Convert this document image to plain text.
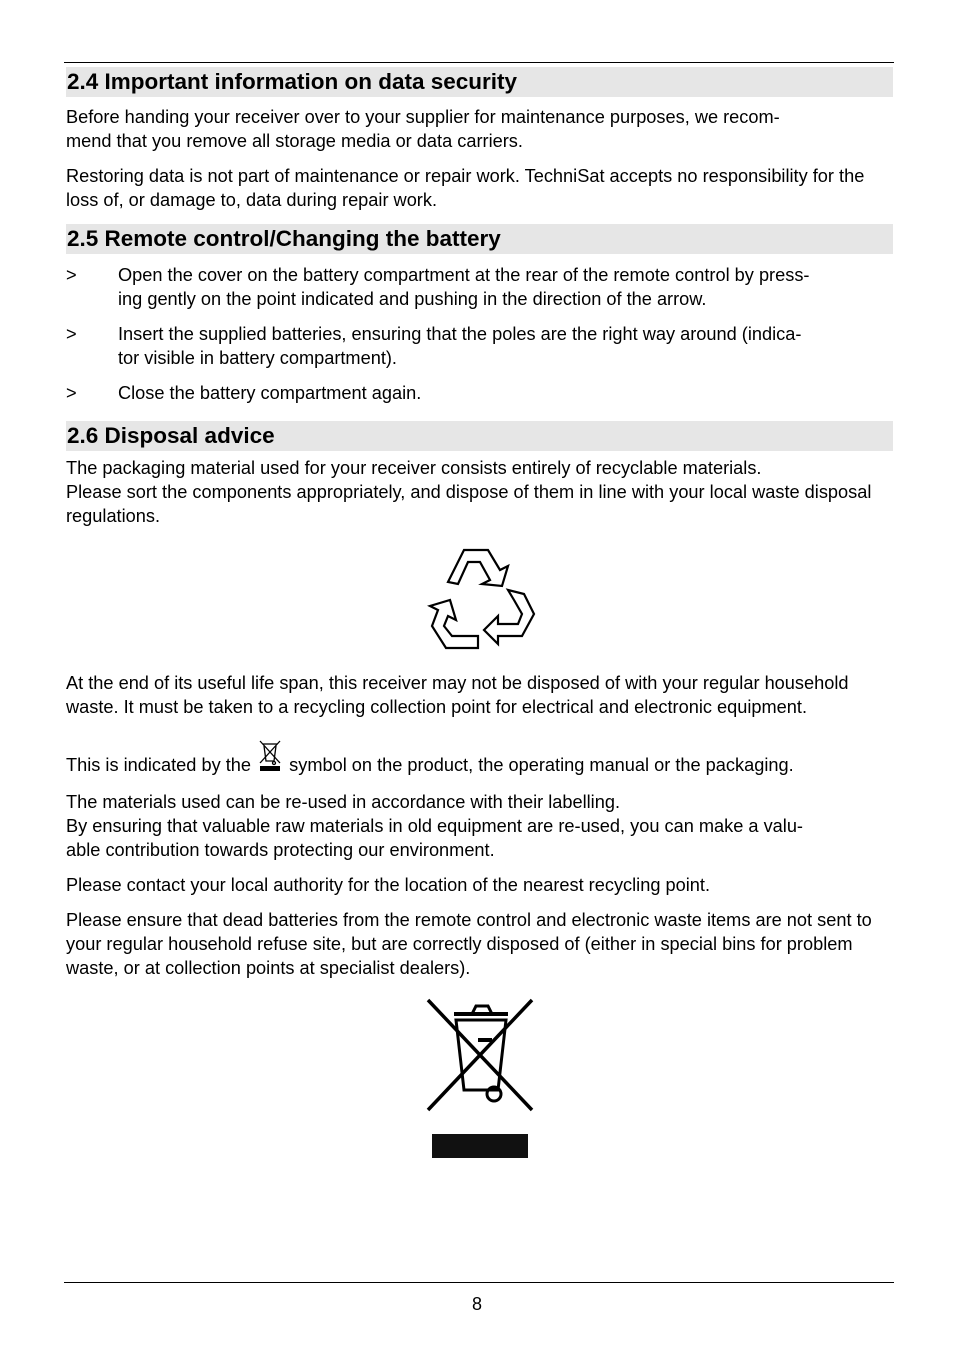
2.4 Important information on data security

Before handing your receiver over to your supplier for maintenance purposes, we recom-
mend that you remove all storage media or data carriers.

Restoring data is not part of maintenance or repair work. TechniSat accepts no responsibility for the loss of, or damage to, data during repair work.

2.5 Remote control/Changing the battery
>	Open the cover on the battery compartment at the rear of the remote control by press-
ing gently on the point indicated and pushing in the direction of the arrow.
>	Insert the supplied batteries, ensuring that the poles are the right way around (indica-
tor visible in battery compartment).
>	Close the battery compartment again.
2.6 Disposal advice

The packaging material used for your receiver consists entirely of recyclable materials.
Please sort the components appropriately, and dispose of them in line with your local waste disposal regulations.

At the end of its useful life span, this receiver may not be disposed of with your regular household waste. It must be taken to a recycling collection point for electrical and electronic equipment.

This is indicated by the symbol on the product, the operating manual or the packaging.

The materials used can be re-used in accordance with their labelling.
By ensuring that valuable raw materials in old equipment are re-used, you can make a valu-
able contribution towards protecting our environment.

Please contact your local authority for the location of the nearest recycling point.

Please ensure that dead batteries from the remote control and electronic waste items are not sent to your regular household refuse site, but are correctly disposed of (either in special bins for problem waste, or at collection points at specialist dealers).

8
